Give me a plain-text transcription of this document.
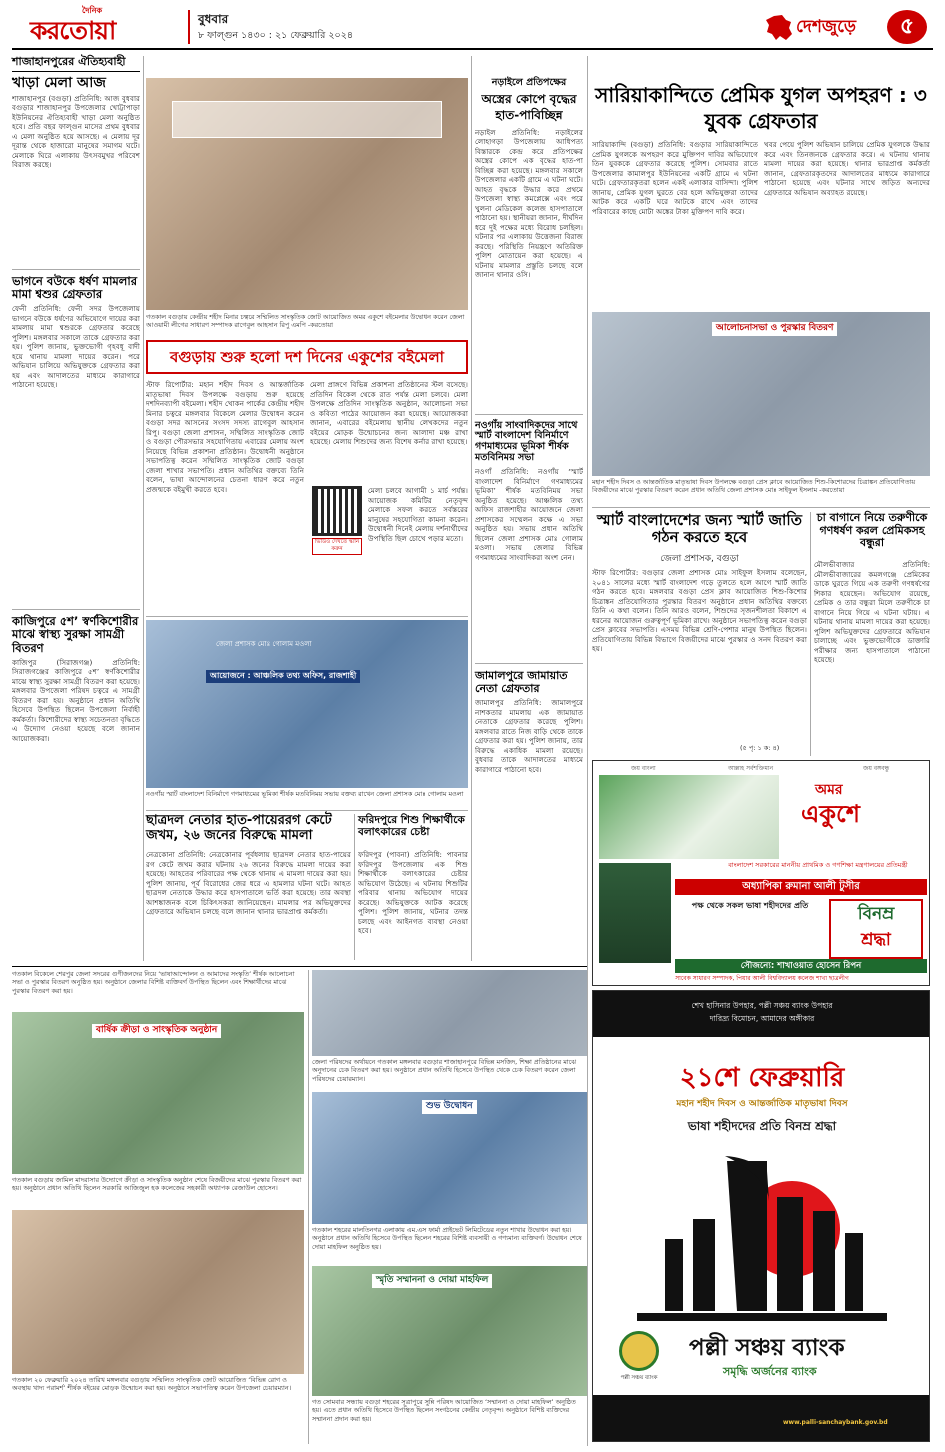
দৈনিক
করতোয়া	বুধবার
৮ ফাল্গুন ১৪৩০ : ২১ ফেব্রুয়ারি ২০২৪	দেশজুড়ে	৫
শাজাহানপুরের ঐতিহ্যবাহী
খাড়া মেলা আজ
শাজাহানপুর (বগুড়া) প্রতিনিধি: আজ বুধবার বগুড়ার শাজাহানপুর উপজেলার খোট্টাপাড়া ইউনিয়নের ঐতিহ্যবাহী খাড়া মেলা অনুষ্ঠিত হবে। প্রতি বছর ফাল্গুন মাসের প্রথম বুধবার এ মেলা অনুষ্ঠিত হয়ে আসছে। এ মেলায় দূর দূরান্ত থেকে হাজারো মানুষের সমাগম ঘটে। মেলাকে ঘিরে এলাকায় উৎসবমুখর পরিবেশ বিরাজ করছে।
ভাগনে বউকে ধর্ষণ মামলার মামা শ্বশুর গ্রেফতার
ফেনী প্রতিনিধি: ফেনী সদর উপজেলায় ভাগনে বউকে ধর্ষণের অভিযোগে দায়ের করা মামলায় মামা শ্বশুরকে গ্রেফতার করেছে পুলিশ। মঙ্গলবার সকালে তাকে গ্রেফতার করা হয়। পুলিশ জানায়, ভুক্তভোগী গৃহবধূ বাদী হয়ে থানায় মামলা দায়ের করেন। পরে অভিযান চালিয়ে অভিযুক্তকে গ্রেফতার করা হয় এবং আদালতের মাধ্যমে কারাগারে পাঠানো হয়েছে।
কাজিপুরে ৫শ’ স্বর্ণকিশোরীর মাঝে স্বাস্থ্য সুরক্ষা সামগ্রী বিতরণ
কাজিপুর (সিরাজগঞ্জ) প্রতিনিধি: সিরাজগঞ্জের কাজিপুরে ৫শ’ স্বর্ণকিশোরীর মাঝে স্বাস্থ্য সুরক্ষা সামগ্রী বিতরণ করা হয়েছে। মঙ্গলবার উপজেলা পরিষদ চত্বরে এ সামগ্রী বিতরণ করা হয়। অনুষ্ঠানে প্রধান অতিথি হিসেবে উপস্থিত ছিলেন উপজেলা নির্বাহী কর্মকর্তা। কিশোরীদের স্বাস্থ্য সচেতনতা বৃদ্ধিতে এ উদ্যোগ নেওয়া হয়েছে বলে জানান আয়োজকরা।
গতকাল বগুড়ায় কেন্দ্রীয় শহীদ মিনার চত্বরে সম্মিলিত সাংস্কৃতিক জোট আয়োজিত অমর একুশে বইমেলার উদ্বোধন করেন জেলা আওয়ামী লীগের সাধারণ সম্পাদক রাগেবুল আহসান রিপু এমপি -করতোয়া
বগুড়ায় শুরু হলো দশ দিনের একুশের বইমেলা
স্টাফ রিপোর্টার: মহান শহীদ দিবস ও আন্তর্জাতিক মাতৃভাষা দিবস উপলক্ষে বগুড়ায় শুরু হয়েছে দশদিনব্যাপী বইমেলা। শহীদ খোকন পার্কের কেন্দ্রীয় শহীদ মিনার চত্বরে মঙ্গলবার বিকেলে মেলার উদ্বোধন করেন বগুড়া সদর আসনের সংসদ সদস্য রাগেবুল আহসান রিপু। বগুড়া জেলা প্রশাসন, সম্মিলিত সাংস্কৃতিক জোট ও বগুড়া পৌরসভার সহযোগিতায় এবারের মেলায় অংশ নিয়েছে বিভিন্ন প্রকাশনা প্রতিষ্ঠান। উদ্বোধনী অনুষ্ঠানে সভাপতিত্ব করেন সম্মিলিত সাংস্কৃতিক জোট বগুড়া জেলা শাখার সভাপতি। প্রধান অতিথির বক্তব্যে তিনি বলেন, ভাষা আন্দোলনের চেতনা ধারণ করে নতুন প্রজন্মকে বইমুখী করতে হবে।
মেলা প্রাঙ্গণে বিভিন্ন প্রকাশনা প্রতিষ্ঠানের স্টল বসেছে। প্রতিদিন বিকেল থেকে রাত পর্যন্ত মেলা চলবে। মেলা উপলক্ষে প্রতিদিন সাংস্কৃতিক অনুষ্ঠান, আলোচনা সভা ও কবিতা পাঠের আয়োজন করা হয়েছে। আয়োজকরা জানান, এবারের বইমেলায় স্থানীয় লেখকদের নতুন বইয়ের মোড়ক উন্মোচনের জন্য আলাদা মঞ্চ রাখা হয়েছে। মেলায় শিশুদের জন্য বিশেষ কর্নার রাখা হয়েছে।
ভিডিও দেখতে স্ক্যান করুন
মেলা চলবে আগামী ১ মার্চ পর্যন্ত। আয়োজক কমিটির নেতৃবৃন্দ মেলাকে সফল করতে সর্বস্তরের মানুষের সহযোগিতা কামনা করেন। উদ্বোধনী দিনেই মেলায় দর্শনার্থীদের উপস্থিতি ছিল চোখে পড়ার মতো।
জেলা প্রশাসক মোঃ গোলাম মওলা
আয়োজনে : আঞ্চলিক তথ্য অফিস, রাজশাহী
নওগাঁয় স্মার্ট বাংলাদেশ বিনির্মাণে গণমাধ্যমের ভূমিকা শীর্ষক মতবিনিময় সভায় বক্তব্য রাখেন জেলা প্রশাসক মোঃ গোলাম মওলা
ছাত্রদল নেতার হাত-পায়েররগ কেটে জখম, ২৬ জনের বিরুদ্ধে মামলা
নেত্রকোনা প্রতিনিধি: নেত্রকোনার পূর্বধলায় ছাত্রদল নেতার হাত-পায়ের রগ কেটে জখম করার ঘটনায় ২৬ জনের বিরুদ্ধে মামলা দায়ের করা হয়েছে। আহতের পরিবারের পক্ষ থেকে থানায় এ মামলা দায়ের করা হয়। পুলিশ জানায়, পূর্ব বিরোধের জের ধরে এ হামলার ঘটনা ঘটে। আহত ছাত্রদল নেতাকে উদ্ধার করে হাসপাতালে ভর্তি করা হয়েছে। তার অবস্থা আশঙ্কাজনক বলে চিকিৎসকরা জানিয়েছেন। মামলার পর অভিযুক্তদের গ্রেফতারে অভিযান চলছে বলে জানান থানার ভারপ্রাপ্ত কর্মকর্তা।
ফরিদপুরে শিশু শিক্ষার্থীকে বলাৎকারের চেষ্টা
ফরিদপুর (পাবনা) প্রতিনিধি: পাবনার ফরিদপুর উপজেলায় এক শিশু শিক্ষার্থীকে বলাৎকারের চেষ্টার অভিযোগ উঠেছে। এ ঘটনায় শিশুটির পরিবার থানায় অভিযোগ দায়ের করেছে। অভিযুক্তকে আটক করেছে পুলিশ। পুলিশ জানায়, ঘটনার তদন্ত চলছে এবং আইনগত ব্যবস্থা নেওয়া হবে।
নড়াইলে প্রতিপক্ষের
অস্ত্রের কোপে বৃদ্ধের
হাত-পাবিচ্ছিন্ন
নড়াইল প্রতিনিধি: নড়াইলের লোহাগড়া উপজেলায় আধিপত্য বিস্তারকে কেন্দ্র করে প্রতিপক্ষের অস্ত্রের কোপে এক বৃদ্ধের হাত-পা বিচ্ছিন্ন করা হয়েছে। মঙ্গলবার সকালে উপজেলার একটি গ্রামে এ ঘটনা ঘটে। আহত বৃদ্ধকে উদ্ধার করে প্রথমে উপজেলা স্বাস্থ্য কমপ্লেক্সে এবং পরে খুলনা মেডিকেল কলেজ হাসপাতালে পাঠানো হয়। স্থানীয়রা জানান, দীর্ঘদিন ধরে দুই পক্ষের মধ্যে বিরোধ চলছিল। ঘটনার পর এলাকায় উত্তেজনা বিরাজ করছে। পরিস্থিতি নিয়ন্ত্রণে অতিরিক্ত পুলিশ মোতায়েন করা হয়েছে। এ ঘটনায় মামলার প্রস্তুতি চলছে বলে জানান থানার ওসি।
নওগাঁয় সাংবাদিকদের সাথে স্মার্ট বাংলাদেশ বিনির্মাণে গণমাধ্যমের ভূমিকা শীর্ষক মতবিনিময় সভা
নওগাঁ প্রতিনিধি: নওগাঁয় ‘স্মার্ট বাংলাদেশ বিনির্মাণে গণমাধ্যমের ভূমিকা’ শীর্ষক মতবিনিময় সভা অনুষ্ঠিত হয়েছে। আঞ্চলিক তথ্য অফিস রাজশাহীর আয়োজনে জেলা প্রশাসকের সম্মেলন কক্ষে এ সভা অনুষ্ঠিত হয়। সভায় প্রধান অতিথি ছিলেন জেলা প্রশাসক মোঃ গোলাম মওলা। সভায় জেলার বিভিন্ন গণমাধ্যমের সাংবাদিকরা অংশ নেন।
জামালপুরে জামায়াত নেতা গ্রেফতার
জামালপুর প্রতিনিধি: জামালপুরে নাশকতার মামলায় এক জামায়াত নেতাকে গ্রেফতার করেছে পুলিশ। মঙ্গলবার রাতে নিজ বাড়ি থেকে তাকে গ্রেফতার করা হয়। পুলিশ জানায়, তার বিরুদ্ধে একাধিক মামলা রয়েছে। বুধবার তাকে আদালতের মাধ্যমে কারাগারে পাঠানো হবে।
সারিয়াকান্দিতে প্রেমিক যুগল অপহরণ : ৩ যুবক গ্রেফতার
সারিয়াকান্দি (বগুড়া) প্রতিনিধি: বগুড়ার সারিয়াকান্দিতে প্রেমিক যুগলকে অপহরণ করে মুক্তিপণ দাবির অভিযোগে তিন যুবককে গ্রেফতার করেছে পুলিশ। সোমবার রাতে উপজেলার কামালপুর ইউনিয়নের একটি গ্রামে এ ঘটনা ঘটে। গ্রেফতারকৃতরা হলেন একই এলাকার বাসিন্দা। পুলিশ জানায়, প্রেমিক যুগল ঘুরতে বের হলে অভিযুক্তরা তাদের আটক করে একটি ঘরে আটকে রাখে এবং তাদের পরিবারের কাছে মোটা অঙ্কের টাকা মুক্তিপণ দাবি করে।
খবর পেয়ে পুলিশ অভিযান চালিয়ে প্রেমিক যুগলকে উদ্ধার করে এবং তিনজনকে গ্রেফতার করে। এ ঘটনায় থানায় মামলা দায়ের করা হয়েছে। থানার ভারপ্রাপ্ত কর্মকর্তা জানান, গ্রেফতারকৃতদের আদালতের মাধ্যমে কারাগারে পাঠানো হয়েছে এবং ঘটনার সাথে জড়িত অন্যদের গ্রেফতারে অভিযান অব্যাহত রয়েছে।
আলোচনাসভা ও পুরস্কার বিতরণ
মহান শহীদ দিবস ও আন্তর্জাতিক মাতৃভাষা দিবস উপলক্ষে বগুড়া প্রেস ক্লাবে আয়োজিত শিশু-কিশোরদের চিত্রাঙ্কন প্রতিযোগিতায় বিজয়ীদের মাঝে পুরস্কার বিতরণ করেন প্রধান অতিথি জেলা প্রশাসক মোঃ সাইফুল ইসলাম -করতোয়া
স্মার্ট বাংলাদেশের জন্য স্মার্ট জাতি গঠন করতে হবে
জেলা প্রশাসক, বগুড়া
স্টাফ রিপোর্টার: বগুড়ার জেলা প্রশাসক মোঃ সাইফুল ইসলাম বলেছেন, ২০৪১ সালের মধ্যে স্মার্ট বাংলাদেশ গড়ে তুলতে হলে আগে স্মার্ট জাতি গঠন করতে হবে। মঙ্গলবার বগুড়া প্রেস ক্লাব আয়োজিত শিশু-কিশোর চিত্রাঙ্কন প্রতিযোগিতার পুরস্কার বিতরণ অনুষ্ঠানে প্রধান অতিথির বক্তব্যে তিনি এ কথা বলেন। তিনি আরও বলেন, শিশুদের সৃজনশীলতা বিকাশে এ ধরনের আয়োজন গুরুত্বপূর্ণ ভূমিকা রাখে। অনুষ্ঠানে সভাপতিত্ব করেন বগুড়া প্রেস ক্লাবের সভাপতি। এসময় বিভিন্ন শ্রেণি-পেশার মানুষ উপস্থিত ছিলেন। প্রতিযোগিতায় বিভিন্ন বিভাগে বিজয়ীদের মাঝে পুরস্কার ও সনদ বিতরণ করা হয়।
(৫ পৃ: ১ ক: ৪)
চা বাগানে নিয়ে তরুণীকে গণধর্ষণ করল প্রেমিকসহ বন্ধুরা
মৌলভীবাজার প্রতিনিধি: মৌলভীবাজারের কমলগঞ্জে প্রেমিকের ডাকে ঘুরতে গিয়ে এক তরুণী গণধর্ষণের শিকার হয়েছেন। অভিযোগ রয়েছে, প্রেমিক ও তার বন্ধুরা মিলে তরুণীকে চা বাগানে নিয়ে গিয়ে এ ঘটনা ঘটায়। এ ঘটনায় থানায় মামলা দায়ের করা হয়েছে। পুলিশ অভিযুক্তদের গ্রেফতারে অভিযান চালাচ্ছে এবং ভুক্তভোগীকে ডাক্তারি পরীক্ষার জন্য হাসপাতালে পাঠানো হয়েছে।
জয় বাংলা	আল্লাহ সর্বশক্তিমান	জয় বঙ্গবন্ধু
অমর
একুশে
বাংলাদেশ সরকারের মাননীয় প্রাথমিক ও গণশিক্ষা মন্ত্রণালয়ের প্রতিমন্ত্রী
অধ্যাপিকা রুমানা আলী টুসীর
পক্ষ থেকে সকল ভাষা শহীদদের প্রতি	বিনম্র
শ্রদ্ধা
সৌজন্যে: শাখাওয়াত হোসেন রিপন
সাবেক সাধারণ সম্পাদক, পিয়ার আলী বিশ্ববিদ্যালয় কলেজ শাখা ছাত্রলীগ
শেখ হাসিনার উপহার, পল্লী সঞ্চয় ব্যাংক উপহার
দারিদ্র্য বিমোচন, আমাদের অঙ্গীকার
২১শে ফেব্রুয়ারি
মহান শহীদ দিবস ও আন্তর্জাতিক মাতৃভাষা দিবস
ভাষা শহীদদের প্রতি বিনম্র শ্রদ্ধা
পল্লী সঞ্চয় ব্যাংক
পল্লী সঞ্চয় ব্যাংক
সমৃদ্ধি অর্জনের ব্যাংক
www.palli-sanchaybank.gov.bd
গতকাল বিকেলে শেরপুর জেলা সদরের গুণীজনদের নিয়ে ‘ভাষাআন্দোলন ও আমাদের সংস্কৃতি’ শীর্ষক আলোচনা সভা ও পুরস্কার বিতরণ অনুষ্ঠিত হয়। অনুষ্ঠানে জেলার বিশিষ্ট ব্যক্তিবর্গ উপস্থিত ছিলেন এবং শিক্ষার্থীদের মাঝে পুরস্কার বিতরণ করা হয়।
বার্ষিক ক্রীড়া ও সাংস্কৃতিক অনুষ্ঠান
গতকাল বগুড়ায় জামিল মাদরাসার উদ্যোগে ক্রীড়া ও সাংস্কৃতিক অনুষ্ঠান শেষে বিজয়ীদের মাঝে পুরস্কার বিতরণ করা হয়। অনুষ্ঠানে প্রধান অতিথি ছিলেন সরকারি আজিজুল হক কলেজের সহকারী অধ্যাপক রেজাউল হোসেন।
গতকাল ২০ ফেব্রুয়ারি ২০২৪ তারিখ মঙ্গলবার বগুড়ায় সম্মিলিত সাংস্কৃতিক জোট আয়োজিত ‘বিভিন্ন রোগ ও অবস্থায় খাদ্য পরামর্শ’ শীর্ষক বইয়ের মোড়ক উন্মোচন করা হয়। অনুষ্ঠানে সভাপতিত্ব করেন উপজেলা চেয়ারম্যান।
জেলা পরিষদের অর্থায়নে গতকাল মঙ্গলবার বগুড়ার শাজাহানপুরে বিভিন্ন মসজিদ, শিক্ষা প্রতিষ্ঠানের মাঝে অনুদানের চেক বিতরণ করা হয়। অনুষ্ঠানে প্রধান অতিথি হিসেবে উপস্থিত থেকে চেক বিতরণ করেন জেলা পরিষদের চেয়ারম্যান।
শুভ উদ্বোধন
গতকাল শহরের মালতিনগর এলাকায় এম.এস ফার্মা প্রাইভেট লিমিটেডের নতুন শাখার উদ্বোধন করা হয়। অনুষ্ঠানে প্রধান অতিথি হিসেবে উপস্থিত ছিলেন শহরের বিশিষ্ট ব্যবসায়ী ও গণ্যমান্য ব্যক্তিবর্গ। উদ্বোধন শেষে দোয়া মাহফিল অনুষ্ঠিত হয়।
স্মৃতি সম্মাননা ও দোয়া মাহফিল
গত সোমবার সন্ধ্যায় বগুড়া শহরের সূত্রাপুরে সুন্নি পরিষদ আয়োজিত ‘সম্মাননা ও দোয়া মাহফিল’ অনুষ্ঠিত হয়। এতে প্রধান অতিথি হিসেবে উপস্থিত ছিলেন সংগঠনের কেন্দ্রীয় নেতৃবৃন্দ। অনুষ্ঠানে বিশিষ্ট ব্যক্তিদের সম্মাননা প্রদান করা হয়।
